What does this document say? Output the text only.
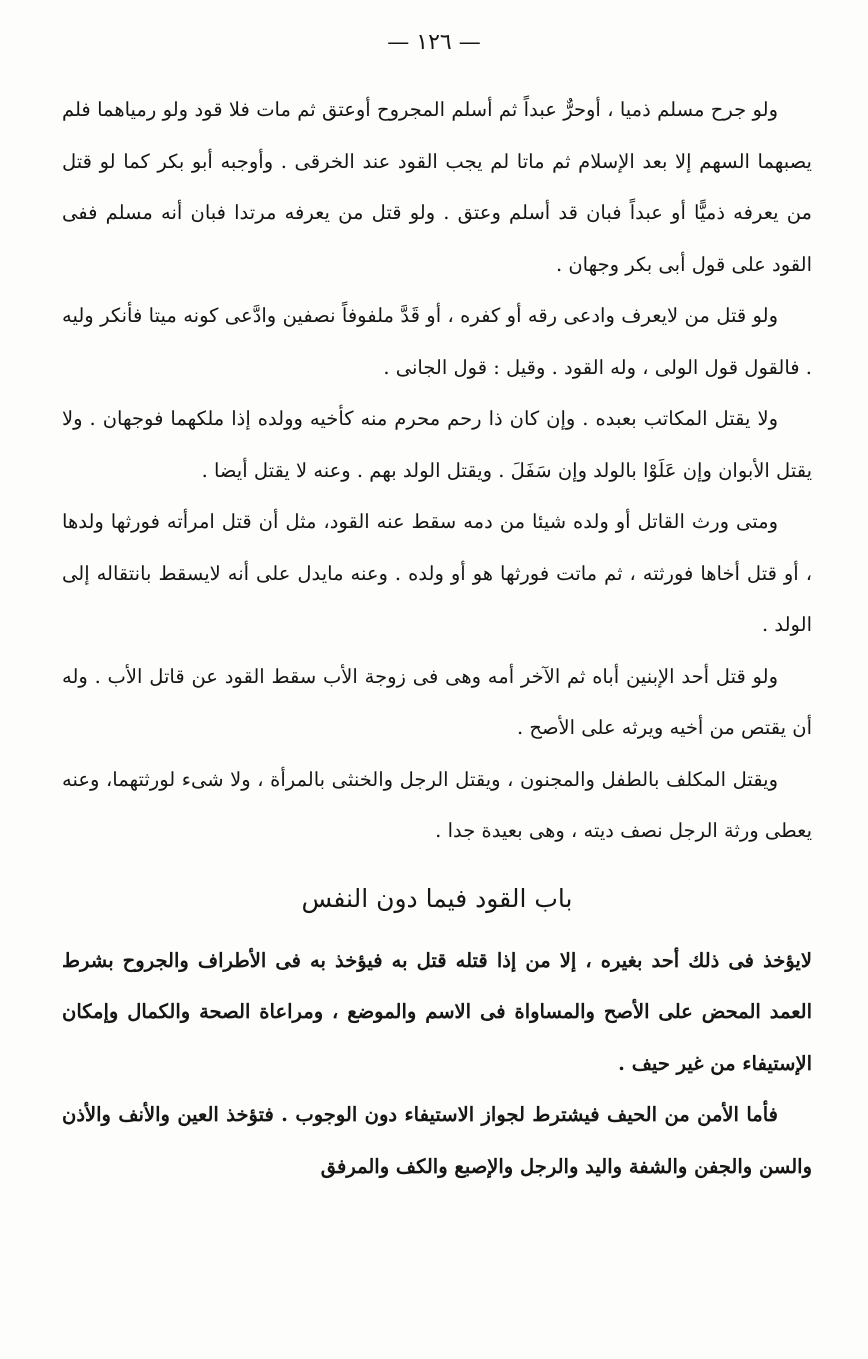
— ١٢٦ —

ولو جرح مسلم ذميا ، أوحرٌّ عبداً ثم أسلم المجروح أوعتق ثم مات فلا قود ولو رمياهما فلم يصبهما السهم إلا بعد الإسلام ثم ماتا لم يجب القود عند الخرقى . وأوجبه أبو بكر كما لو قتل من يعرفه ذميًّا أو عبداً فبان قد أسلم وعتق . ولو قتل من يعرفه مرتدا فبان أنه مسلم ففى القود على قول أبى بكر وجهان .

ولو قتل من لايعرف وادعى رقه أو كفره ، أو قَدَّ ملفوفاً نصفين وادَّعى كونه ميتا فأنكر وليه . فالقول قول الولى ، وله القود . وقيل : قول الجانى .

ولا يقتل المكاتب بعبده . وإن كان ذا رحم محرم منه كأخيه وولده إذا ملكهما فوجهان . ولا يقتل الأبوان وإن عَلَوْا بالولد وإن سَفَلَ . ويقتل الولد بهم . وعنه لا يقتل أيضا .

ومتى ورث القاتل أو ولده شيئا من دمه سقط عنه القود، مثل أن قتل امرأته فورثها ولدها ، أو قتل أخاها فورثته ، ثم ماتت فورثها هو أو ولده . وعنه مايدل على أنه لايسقط بانتقاله إلى الولد .

ولو قتل أحد الإبنين أباه ثم الآخر أمه وهى فى زوجة الأب سقط القود عن قاتل الأب . وله أن يقتص من أخيه ويرثه على الأصح .

ويقتل المكلف بالطفل والمجنون ، ويقتل الرجل والخنثى بالمرأة ، ولا شىء لورثتهما، وعنه يعطى ورثة الرجل نصف ديته ، وهى بعيدة جدا .

باب القود فيما دون النفس

لايؤخذ فى ذلك أحد بغيره ، إلا من إذا قتله قتل به فيؤخذ به فى الأطراف والجروح بشرط العمد المحض على الأصح والمساواة فى الاسم والموضع ، ومراعاة الصحة والكمال وإمكان الإستيفاء من غير حيف .

فأما الأمن من الحيف فيشترط لجواز الاستيفاء دون الوجوب . فتؤخذ العين والأنف والأذن والسن والجفن والشفة واليد والرجل والإصبع والكف والمرفق
